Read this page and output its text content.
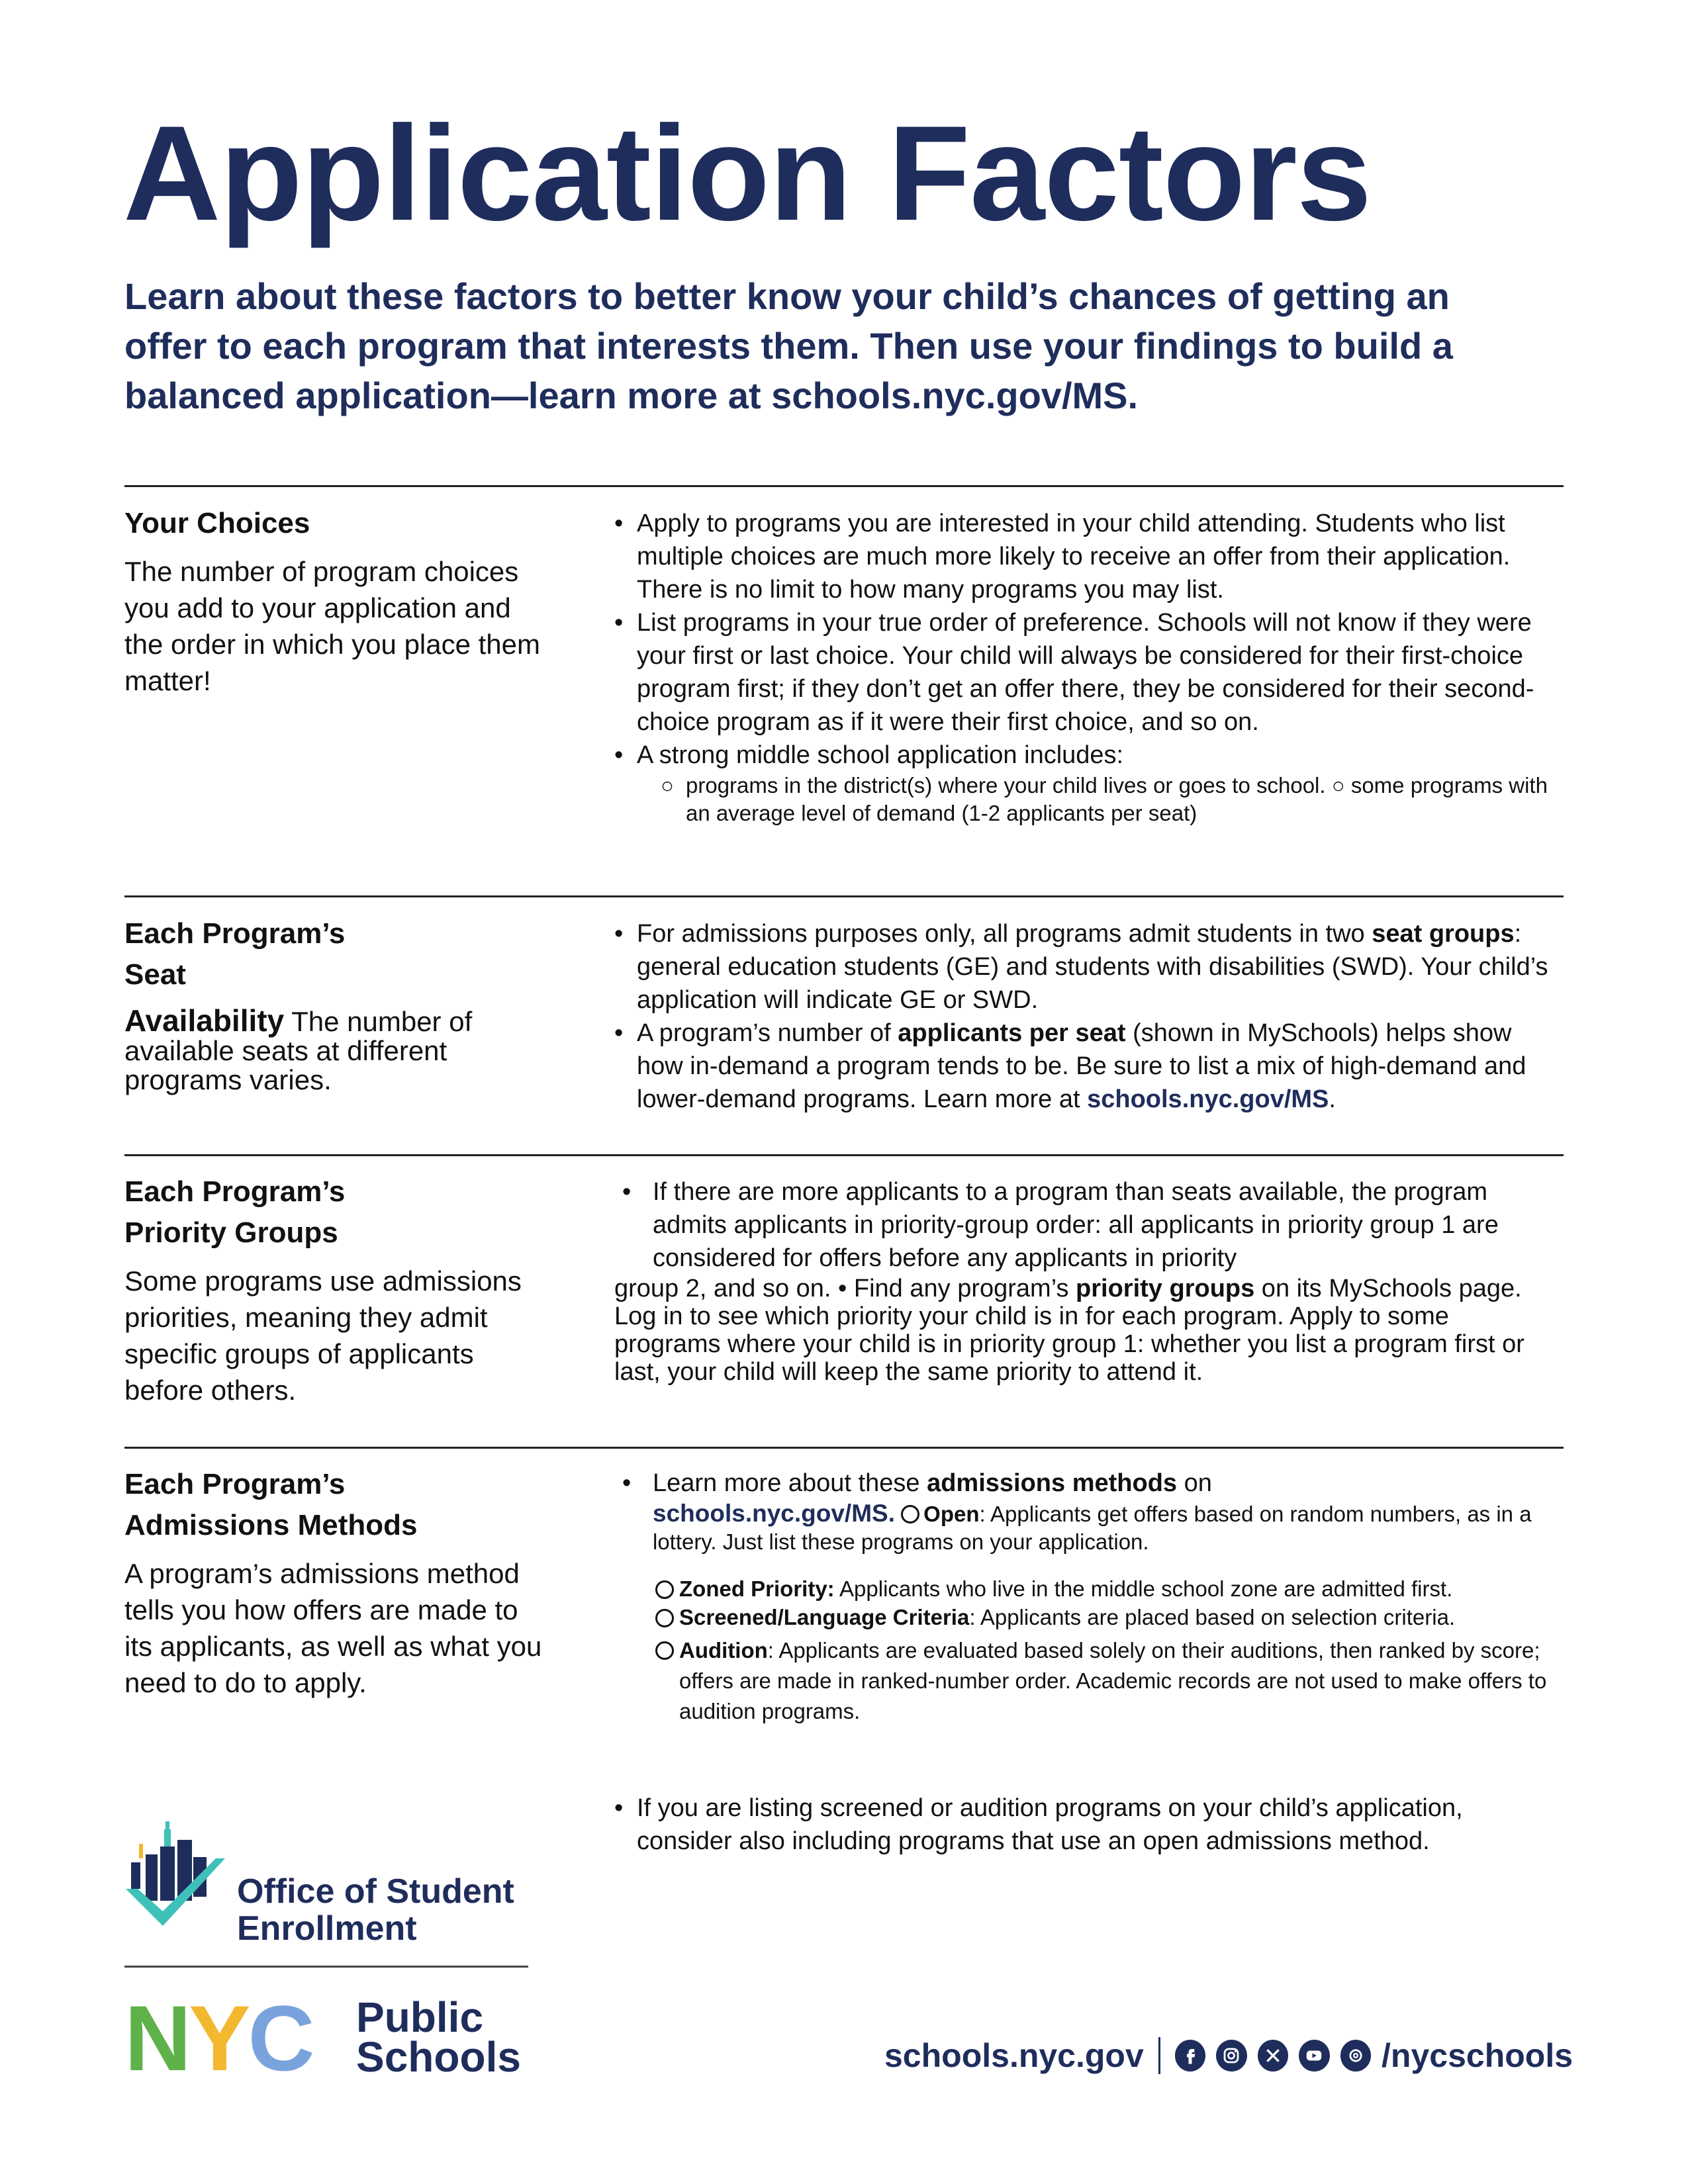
Application Factors
Learn about these factors to better know your child’s chances of getting an offer to each program that interests them. Then use your findings to build a balanced application—learn more at schools.nyc.gov/MS.
Your Choices
The number of program choices you add to your application and the order in which you place them matter!
• Apply to programs you are interested in your child attending. Students who list multiple choices are much more likely to receive an offer from their application. There is no limit to how many programs you may list.
• List programs in your true order of preference. Schools will not know if they were your first or last choice. Your child will always be considered for their first-choice program first; if they don’t get an offer there, they be considered for their second-choice program as if it were their first choice, and so on.
• A strong middle school application includes:
○ programs in the district(s) where your child lives or goes to school. ○ some programs with an average level of demand (1-2 applicants per seat)
Each Program’s
Seat
Availability The number of available seats at different programs varies.
• For admissions purposes only, all programs admit students in two seat groups: general education students (GE) and students with disabilities (SWD). Your child’s application will indicate GE or SWD.
• A program’s number of applicants per seat (shown in MySchools) helps show how in-demand a program tends to be. Be sure to list a mix of high-demand and lower-demand programs. Learn more at schools.nyc.gov/MS.
Each Program’s
Priority Groups
Some programs use admissions priorities, meaning they admit specific groups of applicants before others.
• If there are more applicants to a program than seats available, the program admits applicants in priority-group order: all applicants in priority group 1 are considered for offers before any applicants in priority
group 2, and so on. • Find any program’s priority groups on its MySchools page. Log in to see which priority your child is in for each program. Apply to some programs where your child is in priority group 1: whether you list a program first or last, your child will keep the same priority to attend it.
Each Program’s
Admissions Methods
A program’s admissions method tells you how offers are made to its applicants, as well as what you need to do to apply.
• Learn more about these admissions methods on
schools.nyc.gov/MS. Open: Applicants get offers based on random numbers, as in a lottery. Just list these programs on your application.
Zoned Priority: Applicants who live in the middle school zone are admitted first.
Screened/Language Criteria: Applicants are placed based on selection criteria.
Audition: Applicants are evaluated based solely on their auditions, then ranked by score; offers are made in ranked-number order. Academic records are not used to make offers to audition programs.
• If you are listing screened or audition programs on your child’s application, consider also including programs that use an open admissions method.
Office of Student
Enrollment
NYC Public
Schools	schools.nyc.gov	/nycschools
